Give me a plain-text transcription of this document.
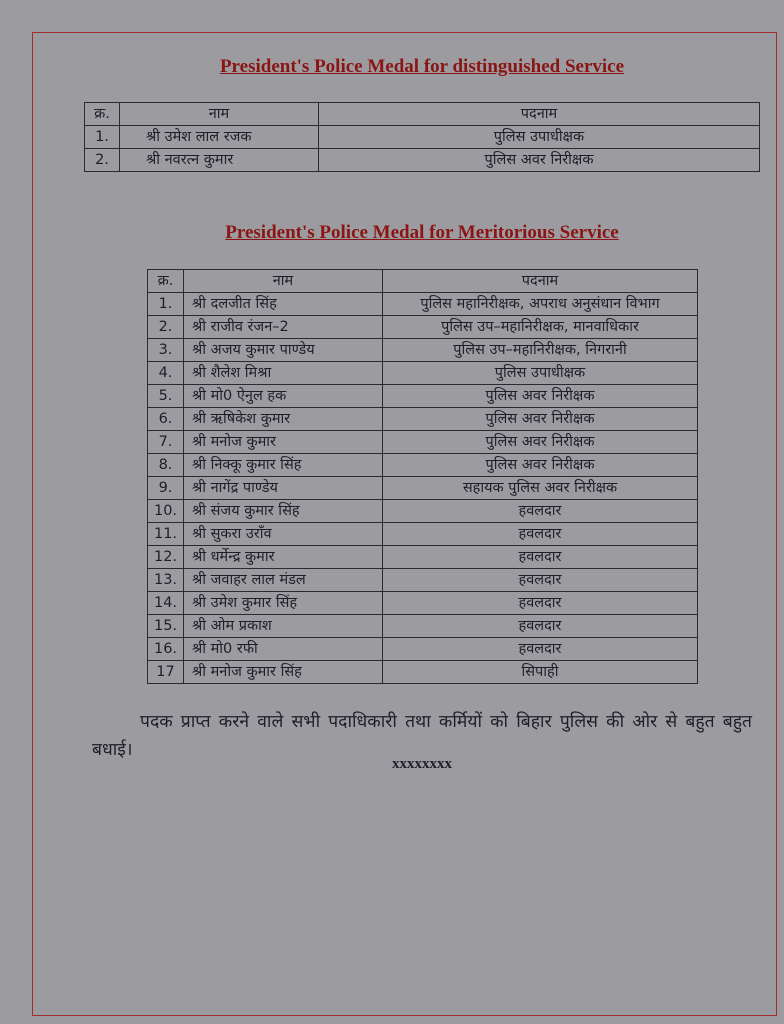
President's Police Medal for distinguished Service
क्र.	नाम	पदनाम
1.	श्री उमेश लाल रजक	पुलिस उपाधीक्षक
2.	श्री नवरत्न कुमार	पुलिस अवर निरीक्षक
President's Police Medal for Meritorious Service
क्र.	नाम	पदनाम
1.	श्री दलजीत सिंह	पुलिस महानिरीक्षक, अपराध अनुसंधान विभाग
2.	श्री राजीव रंजन–2	पुलिस उप–महानिरीक्षक, मानवाधिकार
3.	श्री अजय कुमार पाण्डेय	पुलिस उप–महानिरीक्षक, निगरानी
4.	श्री शैलेश मिश्रा	पुलिस उपाधीक्षक
5.	श्री मो0 ऐनुल हक	पुलिस अवर निरीक्षक
6.	श्री ऋषिकेश कुमार	पुलिस अवर निरीक्षक
7.	श्री मनोज कुमार	पुलिस अवर निरीक्षक
8.	श्री निक्कू कुमार सिंह	पुलिस अवर निरीक्षक
9.	श्री नागेंद्र पाण्डेय	सहायक पुलिस अवर निरीक्षक
10.	श्री संजय कुमार सिंह	हवलदार
11.	श्री सुकरा उराँव	हवलदार
12.	श्री धर्मेन्द्र कुमार	हवलदार
13.	श्री जवाहर लाल मंडल	हवलदार
14.	श्री उमेश कुमार सिंह	हवलदार
15.	श्री ओम प्रकाश	हवलदार
16.	श्री मो0 रफी	हवलदार
17	श्री मनोज कुमार सिंह	सिपाही
पदक प्राप्त करने वाले सभी पदाधिकारी तथा कर्मियों को बिहार पुलिस की ओर से बहुत बहुत बधाई।
xxxxxxxx
